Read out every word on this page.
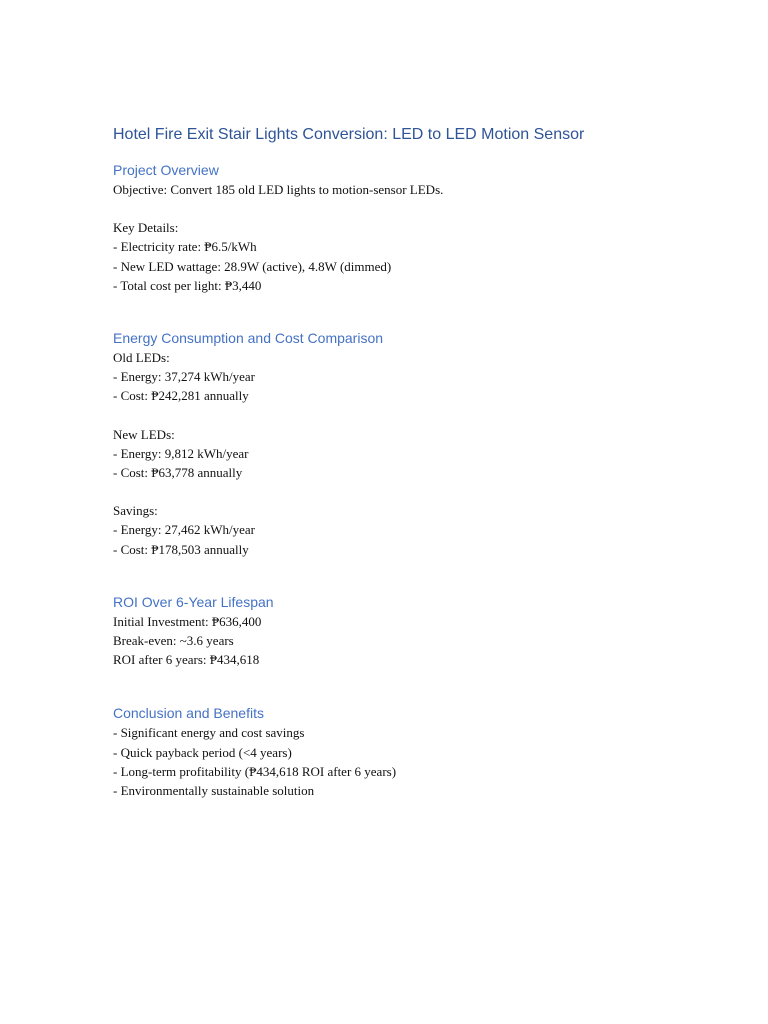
Hotel Fire Exit Stair Lights Conversion: LED to LED Motion Sensor
Project Overview

Objective: Convert 185 old LED lights to motion-sensor LEDs.

Key Details:

- Electricity rate: ₱6.5/kWh

- New LED wattage: 28.9W (active), 4.8W (dimmed)

- Total cost per light: ₱3,440

Energy Consumption and Cost Comparison

Old LEDs:

- Energy: 37,274 kWh/year

- Cost: ₱242,281 annually

New LEDs:

- Energy: 9,812 kWh/year

- Cost: ₱63,778 annually

Savings:

- Energy: 27,462 kWh/year

- Cost: ₱178,503 annually

ROI Over 6-Year Lifespan

Initial Investment: ₱636,400

Break-even: ~3.6 years

ROI after 6 years: ₱434,618

Conclusion and Benefits

- Significant energy and cost savings

- Quick payback period (<4 years)

- Long-term profitability (₱434,618 ROI after 6 years)

- Environmentally sustainable solution
